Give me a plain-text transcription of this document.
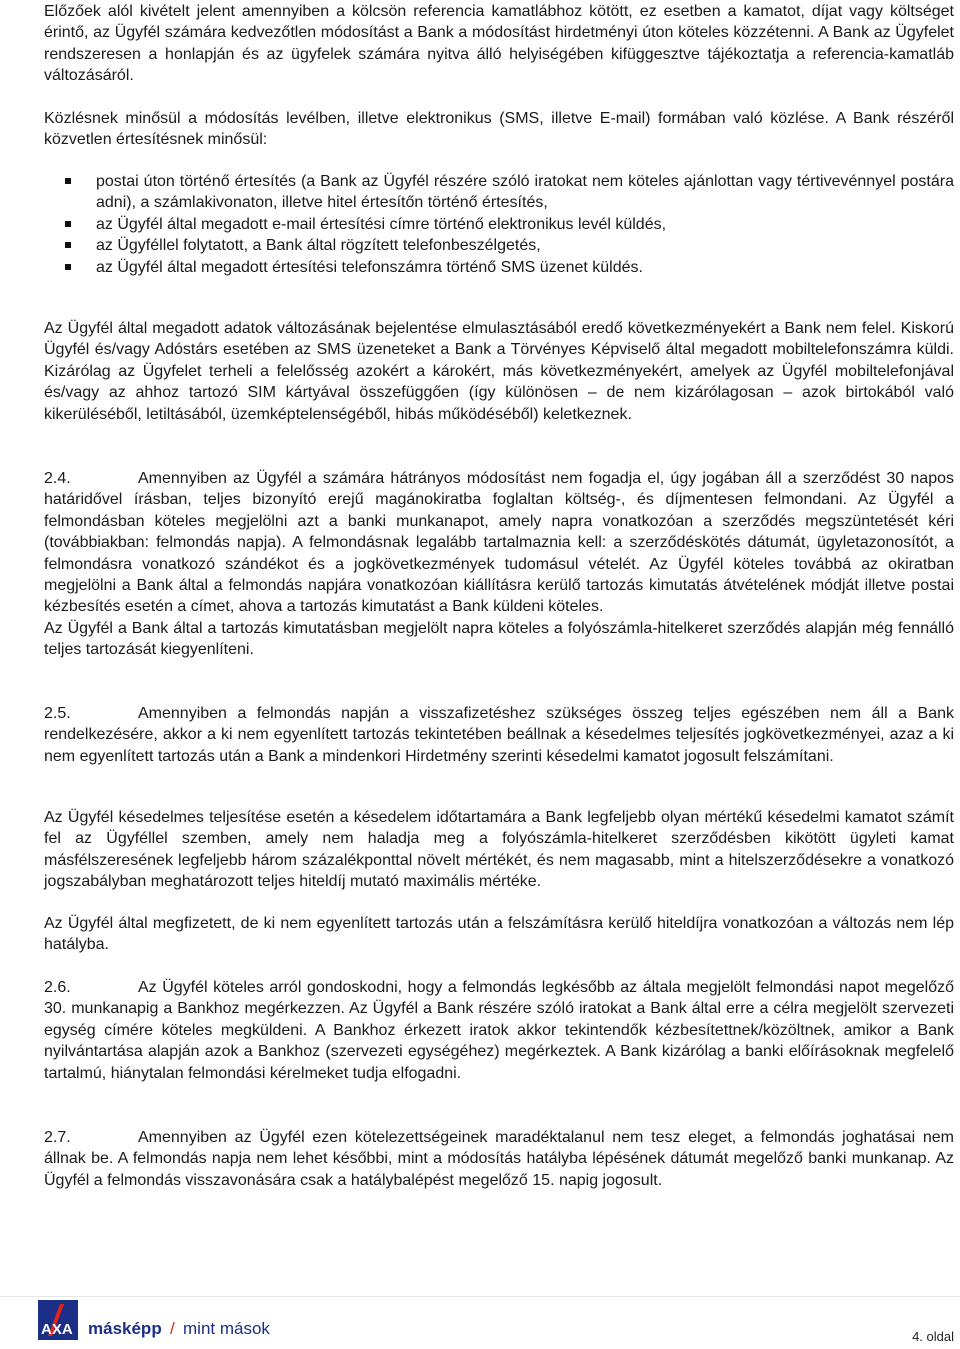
Előzőek alól kivételt jelent amennyiben a kölcsön referencia kamatlábhoz kötött, ez esetben a kamatot, díjat vagy költséget érintő, az Ügyfél számára kedvezőtlen módosítást a Bank a módosítást hirdetményi úton köteles közzétenni. A Bank az Ügyfelet rendszeresen a honlapján és az ügyfelek számára nyitva álló helyiségében kifüggesztve tájékoztatja a referencia-kamatláb változásáról.

Közlésnek minősül a módosítás levélben, illetve elektronikus (SMS, illetve E-mail) formában való közlése. A Bank részéről közvetlen értesítésnek minősül:

postai úton történő értesítés (a Bank az Ügyfél részére szóló iratokat nem köteles ajánlottan vagy tértivevénnyel postára adni), a számlakivonaton, illetve hitel értesítőn történő értesítés,
az Ügyfél által megadott e-mail értesítési címre történő elektronikus levél küldés,
az Ügyféllel folytatott, a Bank által rögzített telefonbeszélgetés,
az Ügyfél által megadott értesítési telefonszámra történő SMS üzenet küldés.

Az Ügyfél által megadott adatok változásának bejelentése elmulasztásából eredő következményekért a Bank nem felel. Kiskorú Ügyfél és/vagy Adóstárs esetében az SMS üzeneteket a Bank a Törvényes Képviselő által megadott mobiltelefonszámra küldi. Kizárólag az Ügyfelet terheli a felelősség azokért a károkért, más következményekért, amelyek az Ügyfél mobiltelefonjával és/vagy az ahhoz tartozó SIM kártyával összefüggően (így különösen – de nem kizárólagosan – azok birtokából való kikerüléséből, letiltásából, üzemképtelenségéből, hibás működéséből) keletkeznek.

2.4.	Amennyiben az Ügyfél a számára hátrányos módosítást nem fogadja el, úgy jogában áll a szerződést 30 napos határidővel írásban, teljes bizonyító erejű magánokiratba foglaltan költség-, és díjmentesen felmondani. Az Ügyfél a felmondásban köteles megjelölni azt a banki munkanapot, amely napra vonatkozóan a szerződés megszüntetését kéri (továbbiakban: felmondás napja). A felmondásnak legalább tartalmaznia kell: a szerződéskötés dátumát, ügyletazonosítót, a felmondásra vonatkozó szándékot és a jogkövetkezmények tudomásul vételét. Az Ügyfél köteles továbbá az okiratban megjelölni a Bank által a felmondás napjára vonatkozóan kiállításra kerülő tartozás kimutatás átvételének módját illetve postai kézbesítés esetén a címet, ahova a tartozás kimutatást a Bank küldeni köteles.

Az Ügyfél a Bank által a tartozás kimutatásban megjelölt napra köteles a folyószámla-hitelkeret szerződés alapján még fennálló teljes tartozását kiegyenlíteni.

2.5.	Amennyiben a felmondás napján a visszafizetéshez szükséges összeg teljes egészében nem áll a Bank rendelkezésére, akkor a ki nem egyenlített tartozás tekintetében beállnak a késedelmes teljesítés jogkövetkezményei, azaz a ki nem egyenlített tartozás után a Bank a mindenkori Hirdetmény szerinti késedelmi kamatot jogosult felszámítani.

Az Ügyfél késedelmes teljesítése esetén a késedelem időtartamára a Bank legfeljebb olyan mértékű késedelmi kamatot számít fel az Ügyféllel szemben, amely nem haladja meg a folyószámla-hitelkeret szerződésben kikötött ügyleti kamat másfélszeresének legfeljebb három százalékponttal növelt mértékét, és nem magasabb, mint a hitelszerződésekre a vonatkozó jogszabályban meghatározott teljes hiteldíj mutató maximális mértéke.

Az Ügyfél által megfizetett, de ki nem egyenlített tartozás után a felszámításra kerülő hiteldíjra vonatkozóan a változás nem lép hatályba.

2.6.	Az Ügyfél köteles arról gondoskodni, hogy a felmondás legkésőbb az általa megjelölt felmondási napot megelőző 30. munkanapig a Bankhoz megérkezzen. Az Ügyfél a Bank részére szóló iratokat a Bank által erre a célra megjelölt szervezeti egység címére köteles megküldeni. A Bankhoz érkezett iratok akkor tekintendők kézbesítettnek/közöltnek, amikor a Bank nyilvántartása alapján azok a Bankhoz (szervezeti egységéhez) megérkeztek. A Bank kizárólag a banki előírásoknak megfelelő tartalmú, hiánytalan felmondási kérelmeket tudja elfogadni.

2.7.	Amennyiben az Ügyfél ezen kötelezettségeinek maradéktalanul nem tesz eleget, a felmondás joghatásai nem állnak be. A felmondás napja nem lehet későbbi, mint a módosítás hatályba lépésének dátumát megelőző banki munkanap. Az Ügyfél a felmondás visszavonására csak a hatálybalépést megelőző 15. napig jogosult.

AXA másképp / mint mások	4. oldal
